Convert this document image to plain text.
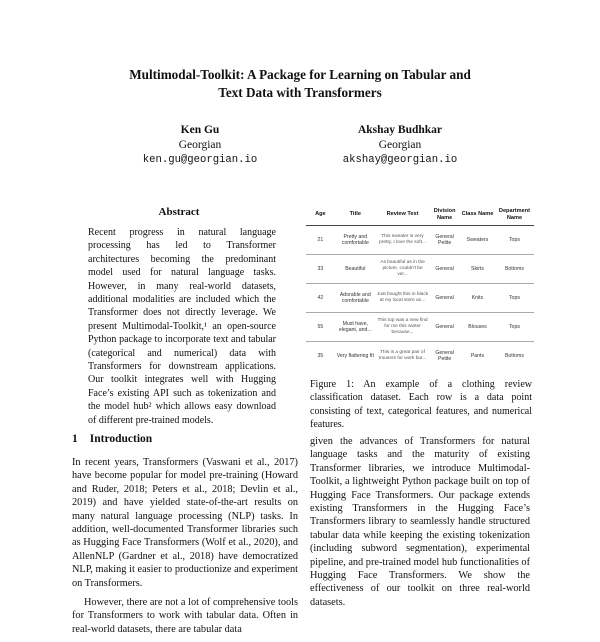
Multimodal-Toolkit: A Package for Learning on Tabular and
Text Data with Transformers
Ken Gu
Georgian
ken.gu@georgian.io
Akshay Budhkar
Georgian
akshay@georgian.io
Abstract
Recent progress in natural language processing has led to Transformer architectures becoming the predominant model used for natural language tasks. However, in many real-world datasets, additional modalities are included which the Transformer does not directly leverage. We present Multimodal-Toolkit,¹ an open-source Python package to incorporate text and tabular (categorical and numerical) data with Transformers for downstream applications. Our toolkit integrates well with Hugging Face’s existing API such as tokenization and the model hub² which allows easy download of different pre-trained models.
Age	Title	Review Text	Division Name	Class Name	Department Name
21	Pretty and comfortable	This sweater is very pretty, I love the soft...	General Petite	Sweaters	Tops
33	Beautiful	As beautiful as in the picture, couldn't be ver...	General	Skirts	Bottoms
42	Adorable and comfortable	Just bought this in black at my local store an...	General	Knits	Tops
55	Must have, elegant, and...	This top was a new find for me this winter because...	General	Blouses	Tops
35	Very flattering fit	This is a great pair of trousers for work but...	General Petite	Pants	Bottoms
Figure 1: An example of a clothing review classification dataset. Each row is a data point consisting of text, categorical features, and numerical features.
1 Introduction

In recent years, Transformers (Vaswani et al., 2017) have become popular for model pre-training (Howard and Ruder, 2018; Peters et al., 2018; Devlin et al., 2019) and have yielded state-of-the-art results on many natural language processing (NLP) tasks. In addition, well-documented Transformer libraries such as Hugging Face Transformers (Wolf et al., 2020), and AllenNLP (Gardner et al., 2018) have democratized NLP, making it easier to productionize and experiment on Transformers.

However, there are not a lot of comprehensive tools for Transformers to work with tabular data. Often in real-world datasets, there are tabular data

given the advances of Transformers for natural language tasks and the maturity of existing Transformer libraries, we introduce Multimodal-Toolkit, a lightweight Python package built on top of Hugging Face Transformers. Our package extends existing Transformers in the Hugging Face’s Transformers library to seamlessly handle structured tabular data while keeping the existing tokenization (including subword segmentation), experimental pipeline, and pre-trained model hub functionalities of Hugging Face Transformers. We show the effectiveness of our toolkit on three real-world datasets.
